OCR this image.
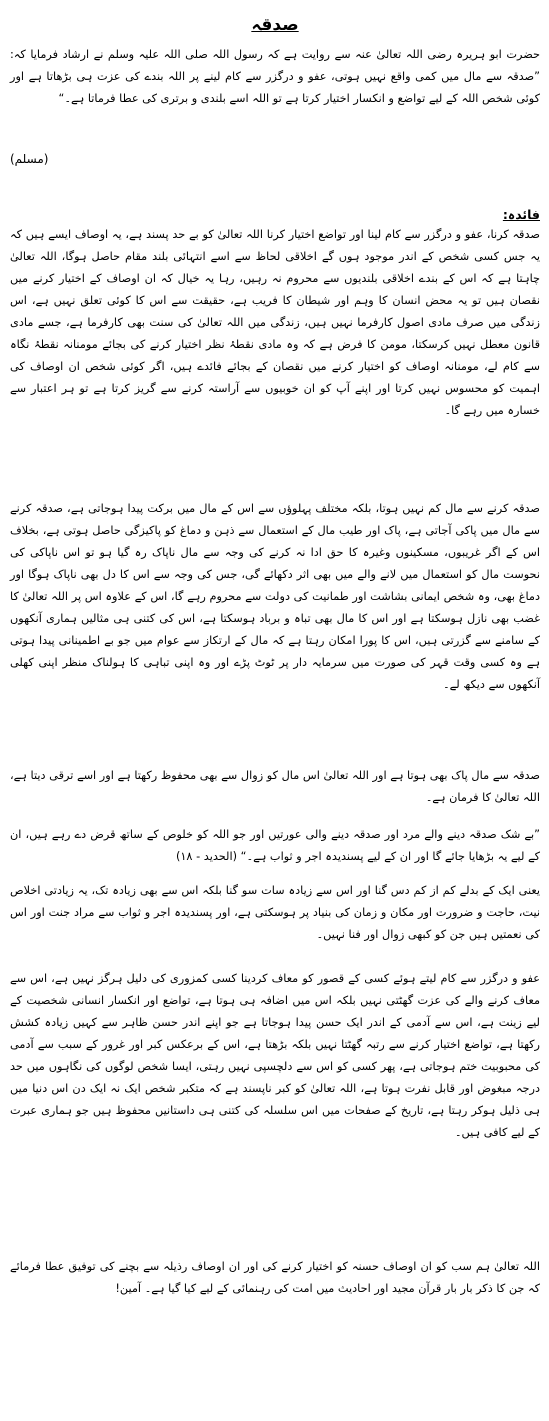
صدقہ

حضرت ابو ہریرہ رضی اللہ تعالیٰ عنہ سے روایت ہے کہ رسول اللہ صلی اللہ علیہ وسلم نے ارشاد فرمایا کہ: ”صدقہ سے مال میں کمی واقع نہیں ہوتی، عفو و درگزر سے کام لینے پر اللہ بندے کی عزت ہی بڑھاتا ہے اور کوئی شخص اللہ کے لیے تواضع و انکسار اختیار کرتا ہے تو اللہ اسے بلندی و برتری کی عطا فرماتا ہے۔“

(مسلم)
فائدہ:

صدقہ کرنا، عفو و درگزر سے کام لینا اور تواضع اختیار کرنا اللہ تعالیٰ کو بے حد پسند ہے، یہ اوصاف ایسے ہیں کہ یہ جس کسی شخص کے اندر موجود ہوں گے اخلاقی لحاظ سے اسے انتہائی بلند مقام حاصل ہوگا، اللہ تعالیٰ چاہتا ہے کہ اس کے بندے اخلاقی بلندیوں سے محروم نہ رہیں، رہا یہ خیال کہ ان اوصاف کے اختیار کرنے میں نقصان ہیں تو یہ محض انسان کا وہم اور شیطان کا فریب ہے، حقیقت سے اس کا کوئی تعلق نہیں ہے، اس زندگی میں صرف مادی اصول کارفرما نہیں ہیں، زندگی میں اللہ تعالیٰ کی سنت بھی کارفرما ہے، جسے مادی قانون معطل نہیں کرسکتا، مومن کا فرض ہے کہ وہ مادی نقطۂ نظر اختیار کرنے کی بجائے مومنانہ نقطۂ نگاہ سے کام لے، مومنانہ اوصاف کو اختیار کرنے میں نقصان کے بجائے فائدے ہیں، اگر کوئی شخص ان اوصاف کی اہمیت کو محسوس نہیں کرتا اور اپنے آپ کو ان خوبیوں سے آراستہ کرنے سے گریز کرتا ہے تو ہر اعتبار سے خسارہ میں رہے گا۔

صدقہ کرنے سے مال کم نہیں ہوتا، بلکہ مختلف پہلوؤں سے اس کے مال میں برکت پیدا ہوجاتی ہے، صدقہ کرنے سے مال میں پاکی آجاتی ہے، پاک اور طیب مال کے استعمال سے ذہن و دماغ کو پاکیزگی حاصل ہوتی ہے، بخلاف اس کے اگر غریبوں، مسکینوں وغیرہ کا حق ادا نہ کرنے کی وجہ سے مال ناپاک رہ گیا ہو تو اس ناپاکی کی نحوست مال کو استعمال میں لانے والے میں بھی اثر دکھائے گی، جس کی وجہ سے اس کا دل بھی ناپاک ہوگا اور دماغ بھی، وہ شخص ایمانی بشاشت اور طمانیت کی دولت سے محروم رہے گا، اس کے علاوہ اس پر اللہ تعالیٰ کا غضب بھی نازل ہوسکتا ہے اور اس کا مال بھی تباہ و برباد ہوسکتا ہے، اس کی کتنی ہی مثالیں ہماری آنکھوں کے سامنے سے گزرتی ہیں، اس کا پورا امکان رہتا ہے کہ مال کے ارتکاز سے عوام میں جو بے اطمینانی پیدا ہوتی ہے وہ کسی وقت قہر کی صورت میں سرمایہ دار پر ٹوٹ پڑے اور وہ اپنی تباہی کا ہولناک منظر اپنی کھلی آنکھوں سے دیکھ لے۔

صدقہ سے مال پاک بھی ہوتا ہے اور اللہ تعالیٰ اس مال کو زوال سے بھی محفوظ رکھتا ہے اور اسے ترقی دیتا ہے، اللہ تعالیٰ کا فرمان ہے۔

”بے شک صدقہ دینے والے مرد اور صدقہ دینے والی عورتیں اور جو اللہ کو خلوص کے ساتھ قرض دے رہے ہیں، ان کے لیے یہ بڑھایا جائے گا اور ان کے لیے پسندیدہ اجر و ثواب ہے۔“ (الحدید - ۱۸)

یعنی ایک کے بدلے کم از کم دس گنا اور اس سے زیادہ سات سو گنا بلکہ اس سے بھی زیادہ تک، یہ زیادتی اخلاص نیت، حاجت و ضرورت اور مکان و زمان کی بنیاد پر ہوسکتی ہے، اور پسندیدہ اجر و ثواب سے مراد جنت اور اس کی نعمتیں ہیں جن کو کبھی زوال اور فنا نہیں۔

عفو و درگزر سے کام لیتے ہوئے کسی کے قصور کو معاف کردینا کسی کمزوری کی دلیل ہرگز نہیں ہے، اس سے معاف کرنے والے کی عزت گھٹتی نہیں بلکہ اس میں اضافہ ہی ہوتا ہے، تواضع اور انکسار انسانی شخصیت کے لیے زینت ہے، اس سے آدمی کے اندر ایک حسن پیدا ہوجاتا ہے جو اپنے اندر حسن ظاہر سے کہیں زیادہ کشش رکھتا ہے، تواضع اختیار کرنے سے رتبہ گھٹتا نہیں بلکہ بڑھتا ہے، اس کے برعکس کبر اور غرور کے سبب سے آدمی کی محبوبیت ختم ہوجاتی ہے، پھر کسی کو اس سے دلچسپی نہیں رہتی، ایسا شخص لوگوں کی نگاہوں میں حد درجہ مبغوض اور قابل نفرت ہوتا ہے، اللہ تعالیٰ کو کبر ناپسند ہے کہ متکبر شخص ایک نہ ایک دن اس دنیا میں ہی ذلیل ہوکر رہتا ہے، تاریخ کے صفحات میں اس سلسلہ کی کتنی ہی داستانیں محفوظ ہیں جو ہماری عبرت کے لیے کافی ہیں۔

اللہ تعالیٰ ہم سب کو ان اوصاف حسنہ کو اختیار کرنے کی اور ان اوصاف رذیلہ سے بچنے کی توفیق عطا فرمائے کہ جن کا ذکر بار بار قرآن مجید اور احادیث میں امت کی رہنمائی کے لیے کیا گیا ہے۔ آمین!
